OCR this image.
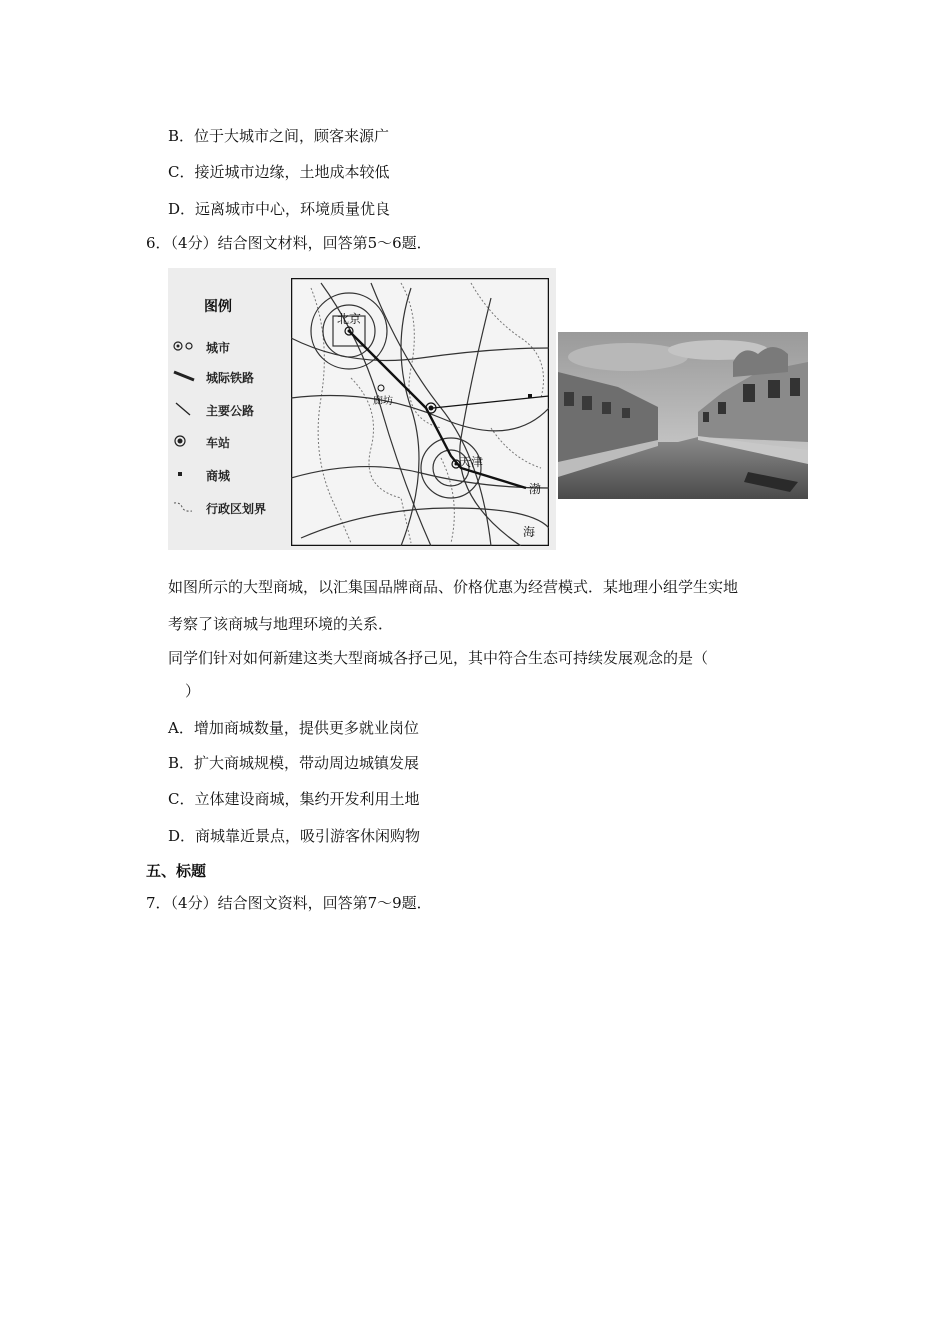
B．位于大城市之间，顾客来源广
C．接近城市边缘，土地成本较低
D．远离城市中心，环境质量优良
6．（4分）结合图文材料，回答第5～6题．
图例
城市
城际铁路
主要公路
车站
商城
行政区划界
北京
廊坊
天津
渤
海
如图所示的大型商城，以汇集国品牌商品、价格优惠为经营模式．某地理小组学生实地
考察了该商城与地理环境的关系．
同学们针对如何新建这类大型商城各抒己见，其中符合生态可持续发展观念的是（
）
A．增加商城数量，提供更多就业岗位
B．扩大商城规模，带动周边城镇发展
C．立体建设商城，集约开发利用土地
D．商城靠近景点，吸引游客休闲购物
五、标题
7．（4分）结合图文资料，回答第7～9题．
